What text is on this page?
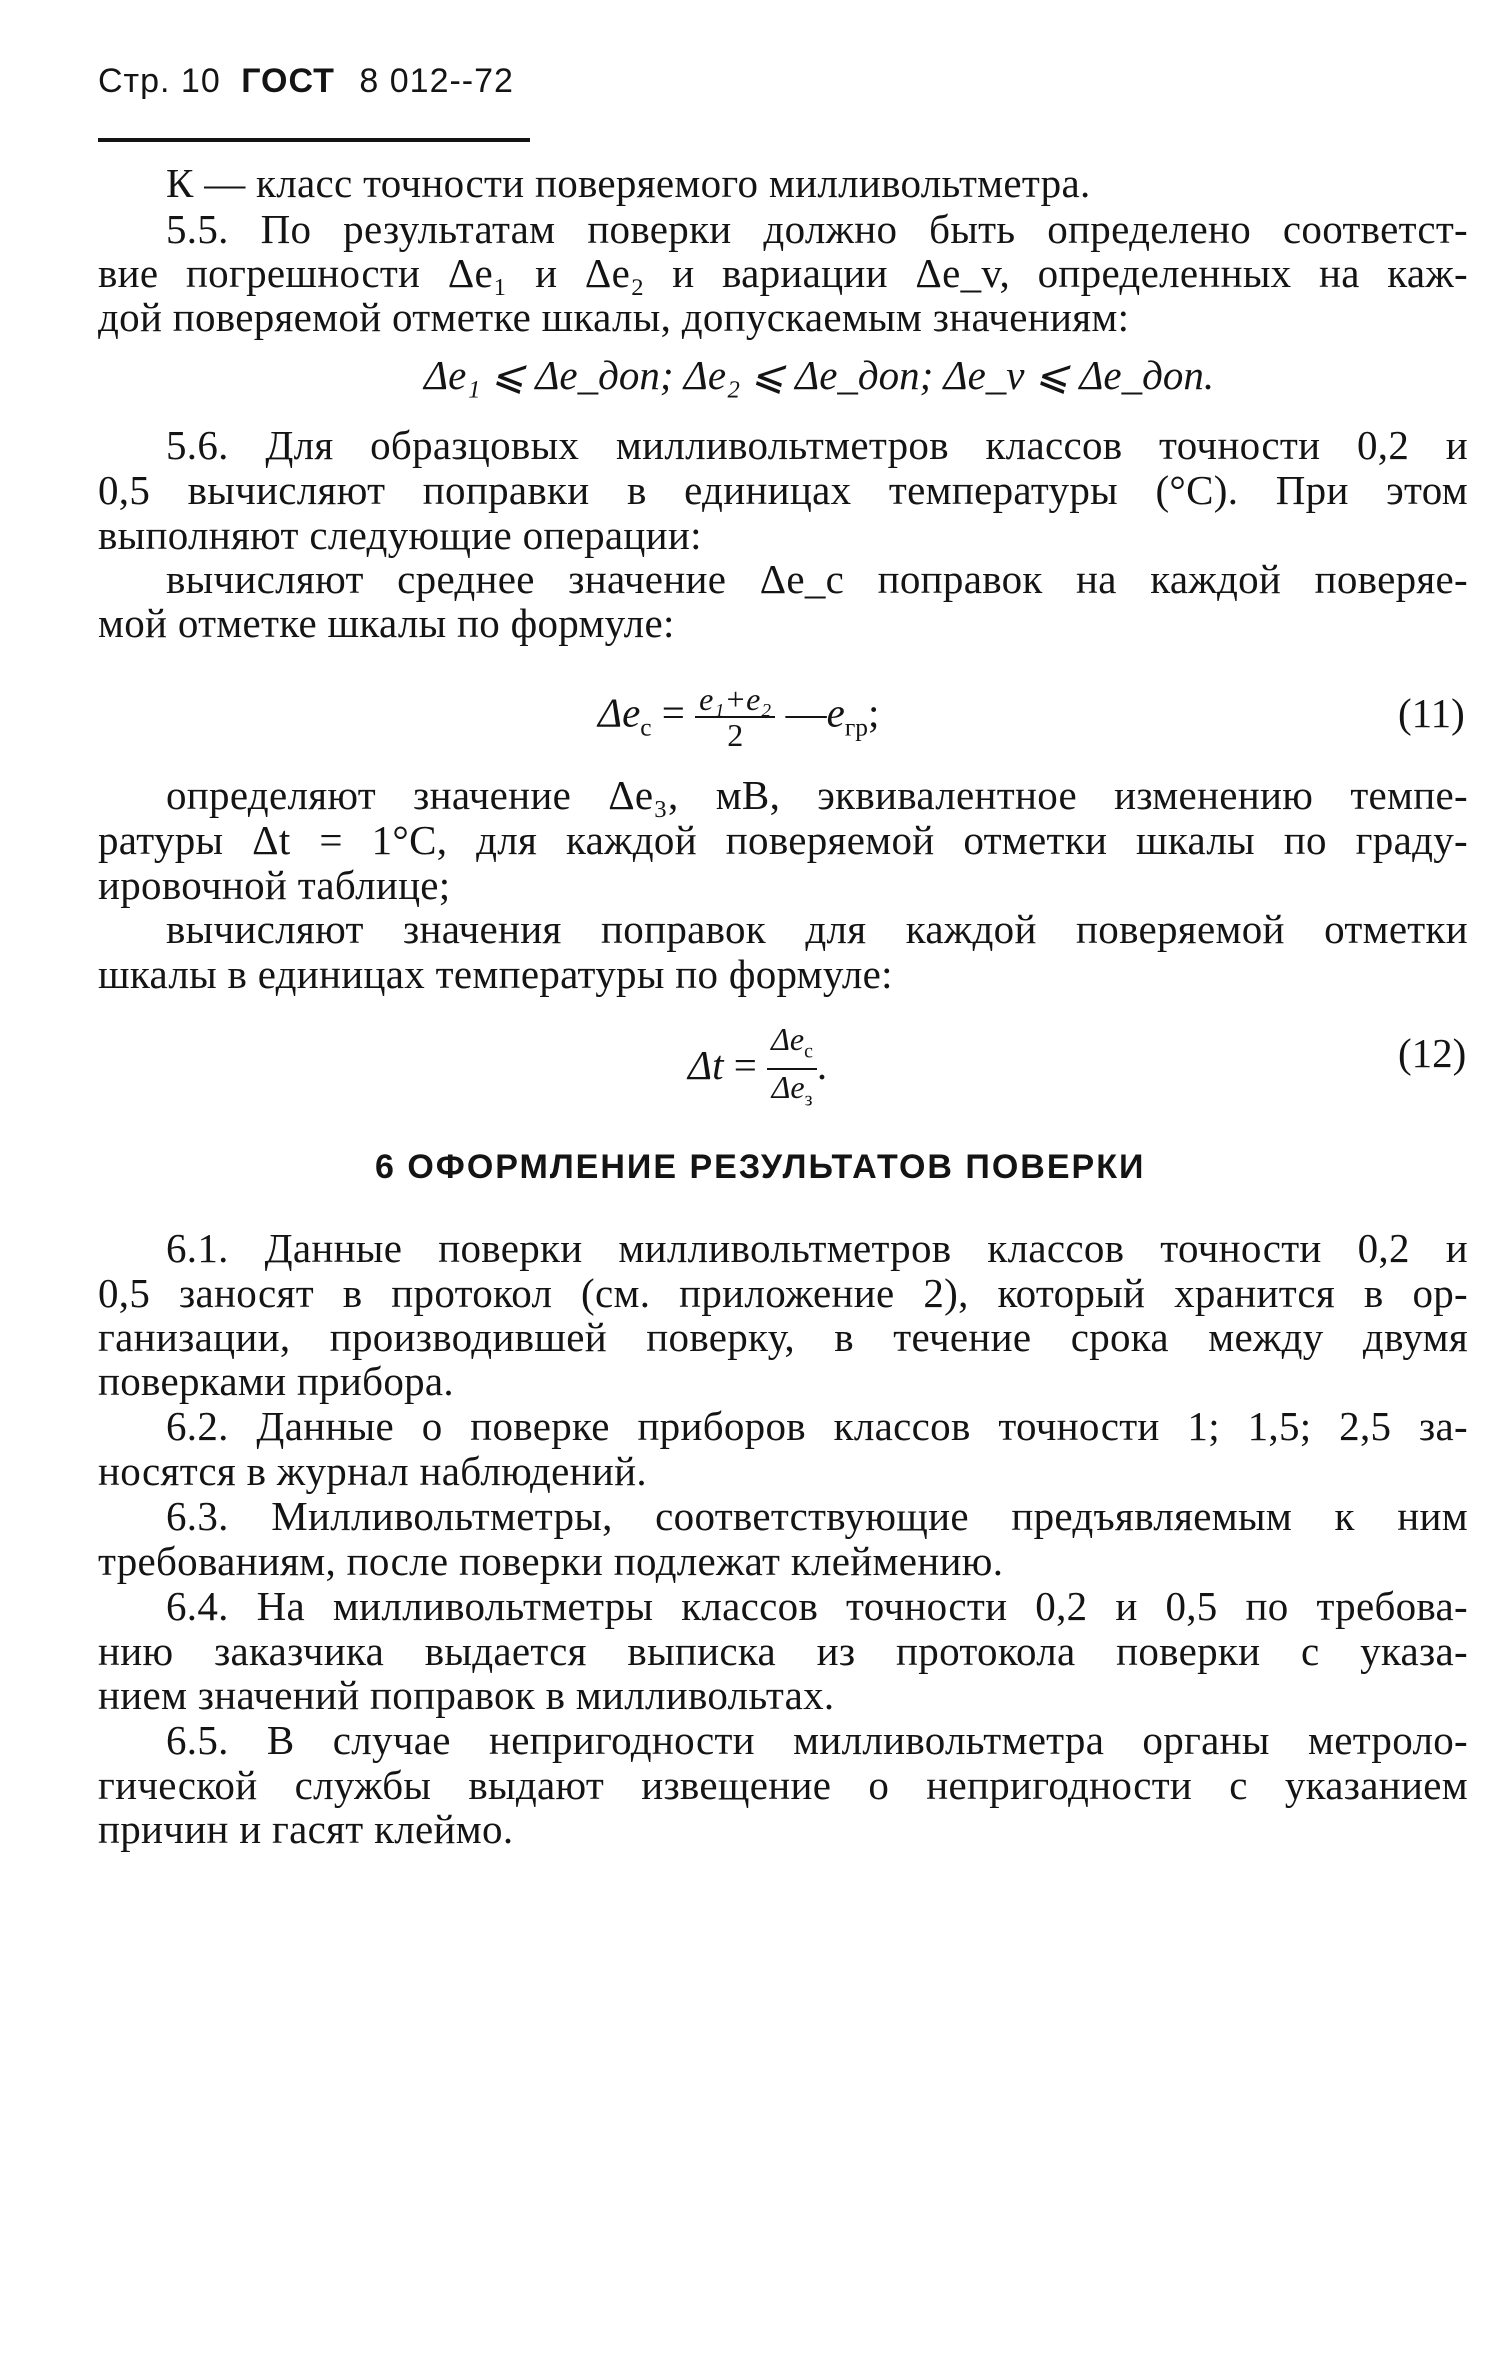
Стр. 10 ГОСТ 8 012--72
К — класс точности поверяемого милливольтметра.
5.5. По результатам поверки должно быть определено соответст-
вие погрешности Δe₁ и Δe₂ и вариации Δe_v, определенных на каж-
дой поверяемой отметке шкалы, допускаемым значениям:
Δe₁ ⩽ Δe_доп; Δe₂ ⩽ Δe_доп; Δe_v ⩽ Δe_доп.
5.6. Для образцовых милливольтметров классов точности 0,2 и
0,5 вычисляют поправки в единицах температуры (°С). При этом
выполняют следующие операции:
вычисляют среднее значение Δe_c поправок на каждой поверяе-
мой отметке шкалы по формуле:
$\Delta e_с = \frac{\text{e₁+e₂}}{2}$ $—e_{гр}$;	(11)
определяют значение Δe₃, мВ, эквивалентное изменению темпе-
ратуры Δt = 1°С, для каждой поверяемой отметки шкалы по граду-
ировочной таблице;
вычисляют значения поправок для каждой поверяемой отметки
шкалы в единицах температуры по формуле:
$\Delta t = \frac{\Delta e_с}{\Delta e_з}$ .	(12)
6 ОФОРМЛЕНИЕ РЕЗУЛЬТАТОВ ПОВЕРКИ
6.1. Данные поверки милливольтметров классов точности 0,2 и
0,5 заносят в протокол (см. приложение 2), который хранится в ор-
ганизации, производившей поверку, в течение срока между двумя
поверками прибора.
6.2. Данные о поверке приборов классов точности 1; 1,5; 2,5 за-
носятся в журнал наблюдений.
6.3. Милливольтметры, соответствующие предъявляемым к ним
требованиям, после поверки подлежат клеймению.
6.4. На милливольтметры классов точности 0,2 и 0,5 по требова-
нию заказчика выдается выписка из протокола поверки с указа-
нием значений поправок в милливольтах.
6.5. В случае непригодности милливольтметра органы метроло-
гической службы выдают извещение о непригодности с указанием
причин и гасят клеймо.
